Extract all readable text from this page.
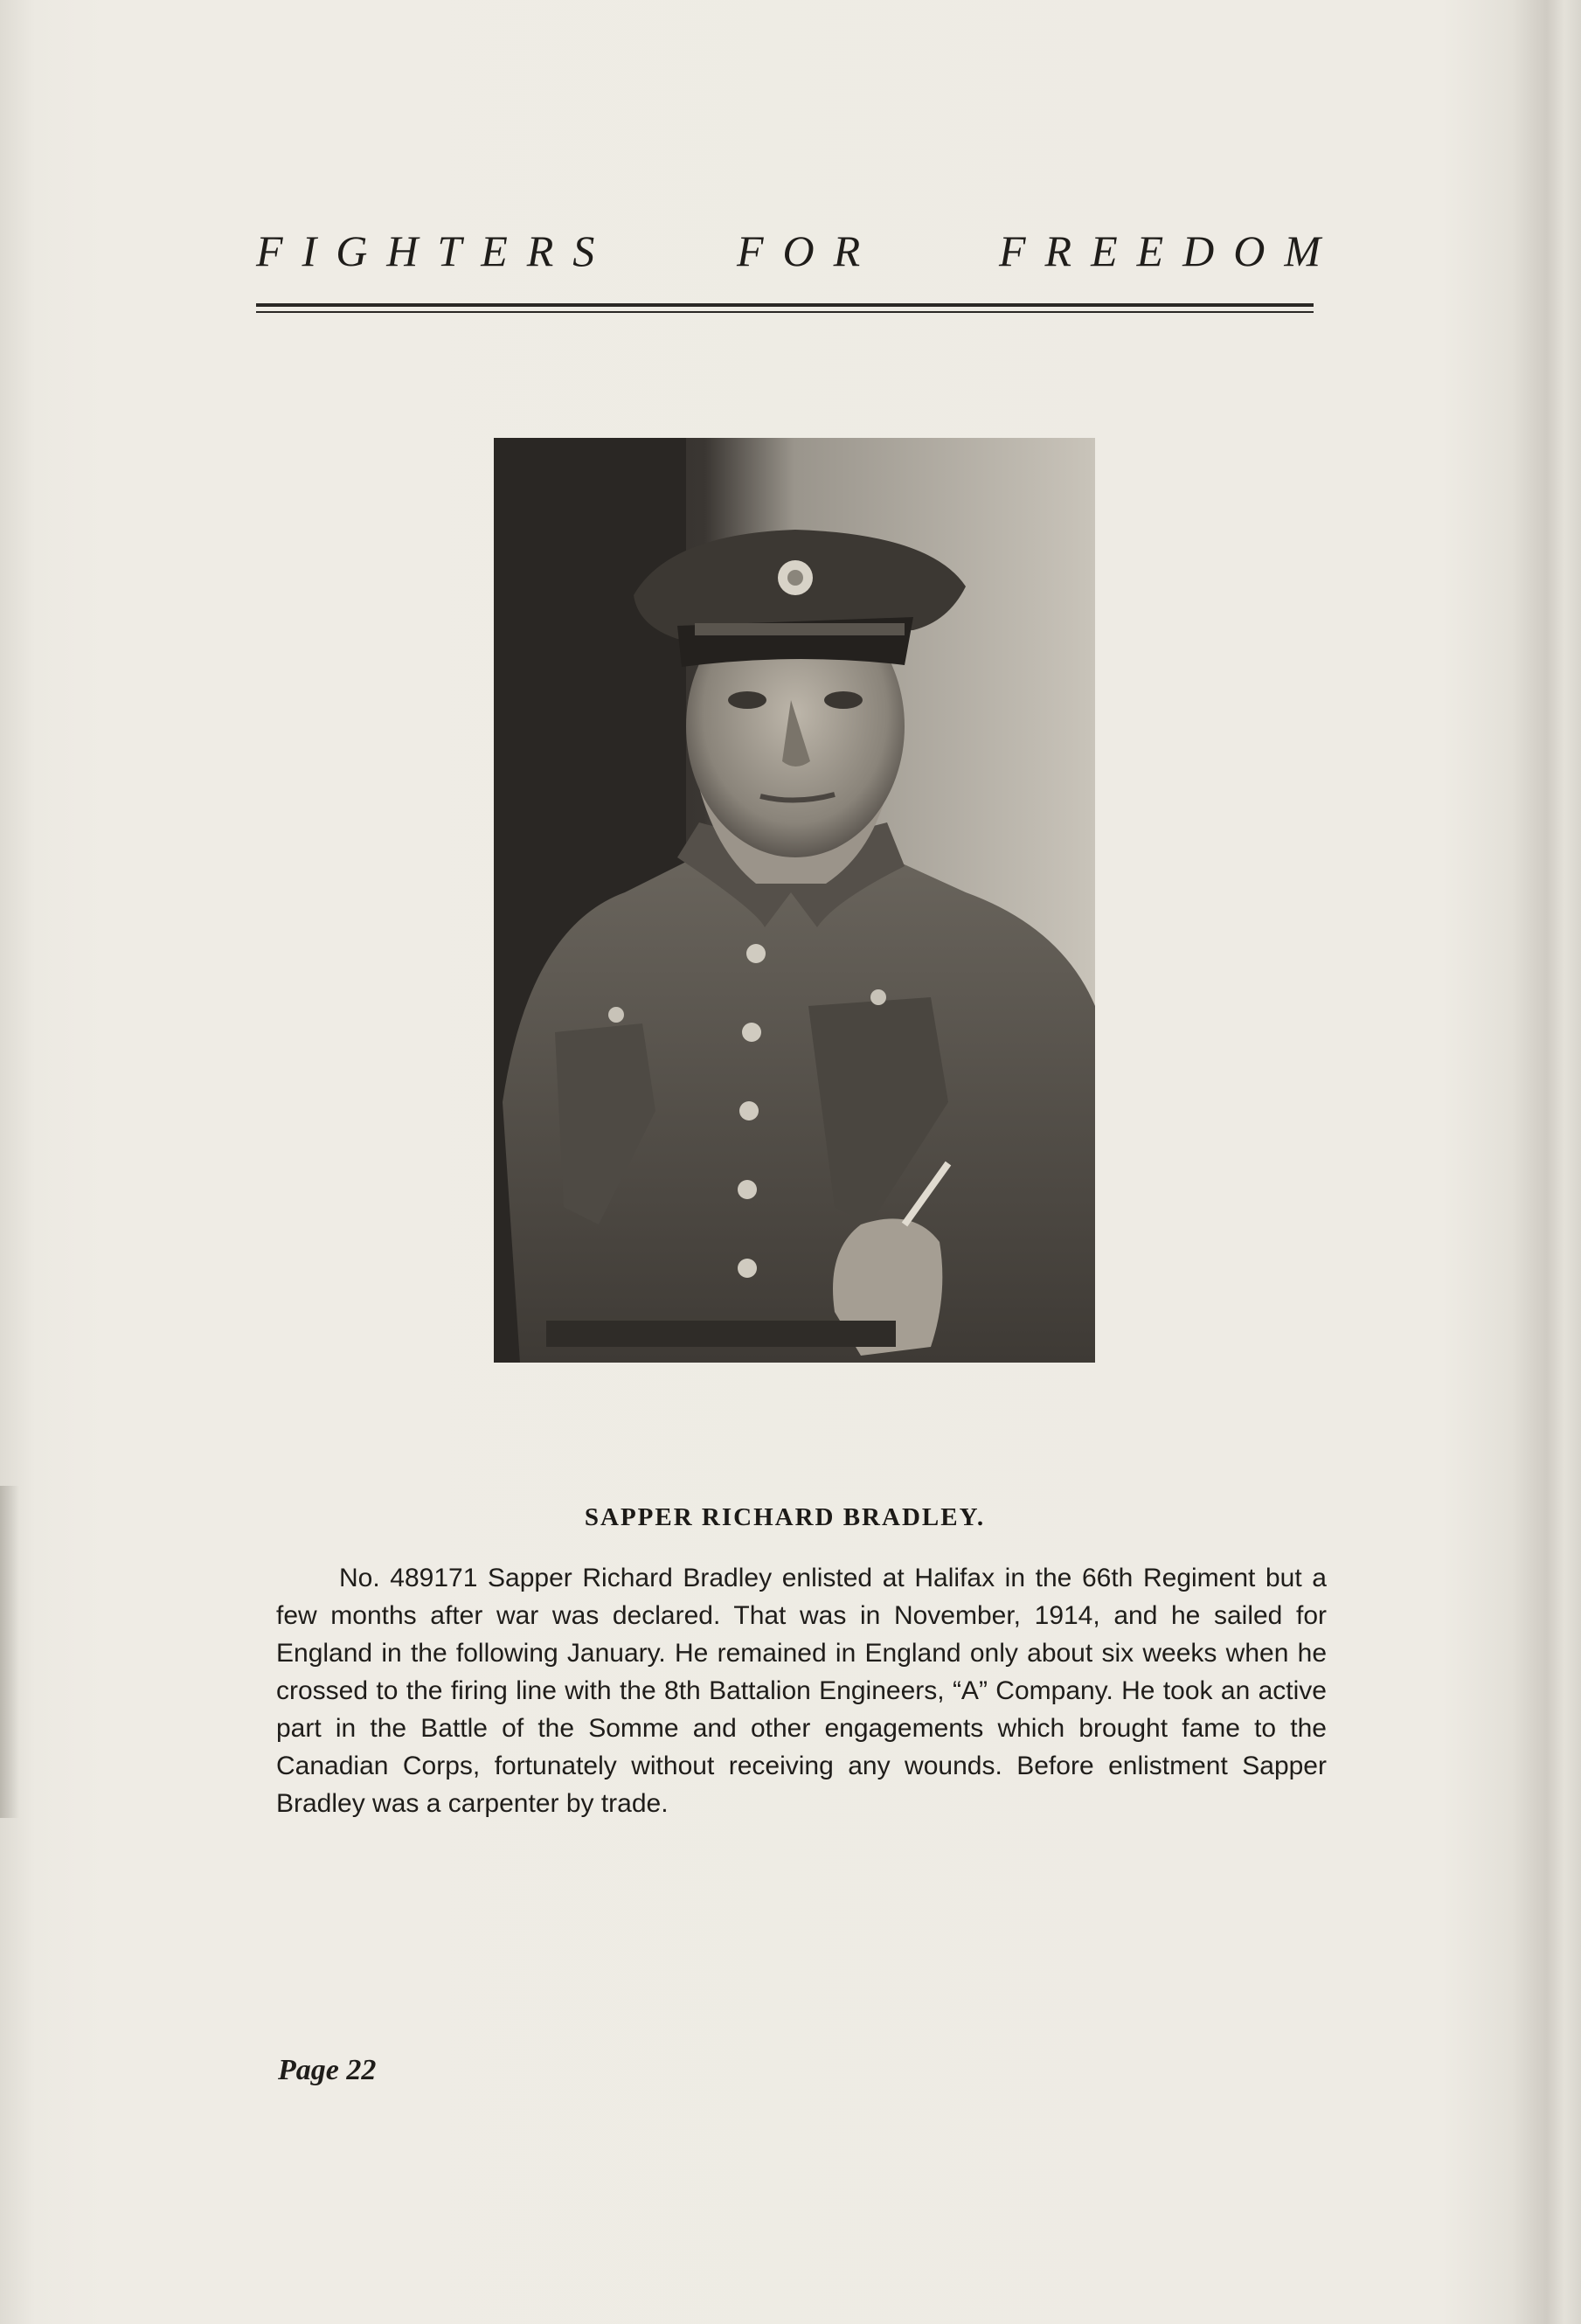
FIGHTERS	FOR	FREEDOM
SAPPER RICHARD BRADLEY.

No. 489171 Sapper Richard Bradley enlisted at Halifax in the 66th Regiment but a few months after war was declared. That was in November, 1914, and he sailed for England in the following January. He remained in England only about six weeks when he crossed to the firing line with the 8th Battalion Engineers, “A” Company. He took an active part in the Battle of the Somme and other engagements which brought fame to the Canadian Corps, fortunately without receiving any wounds. Before enlistment Sapper Bradley was a carpenter by trade.

Page 22
